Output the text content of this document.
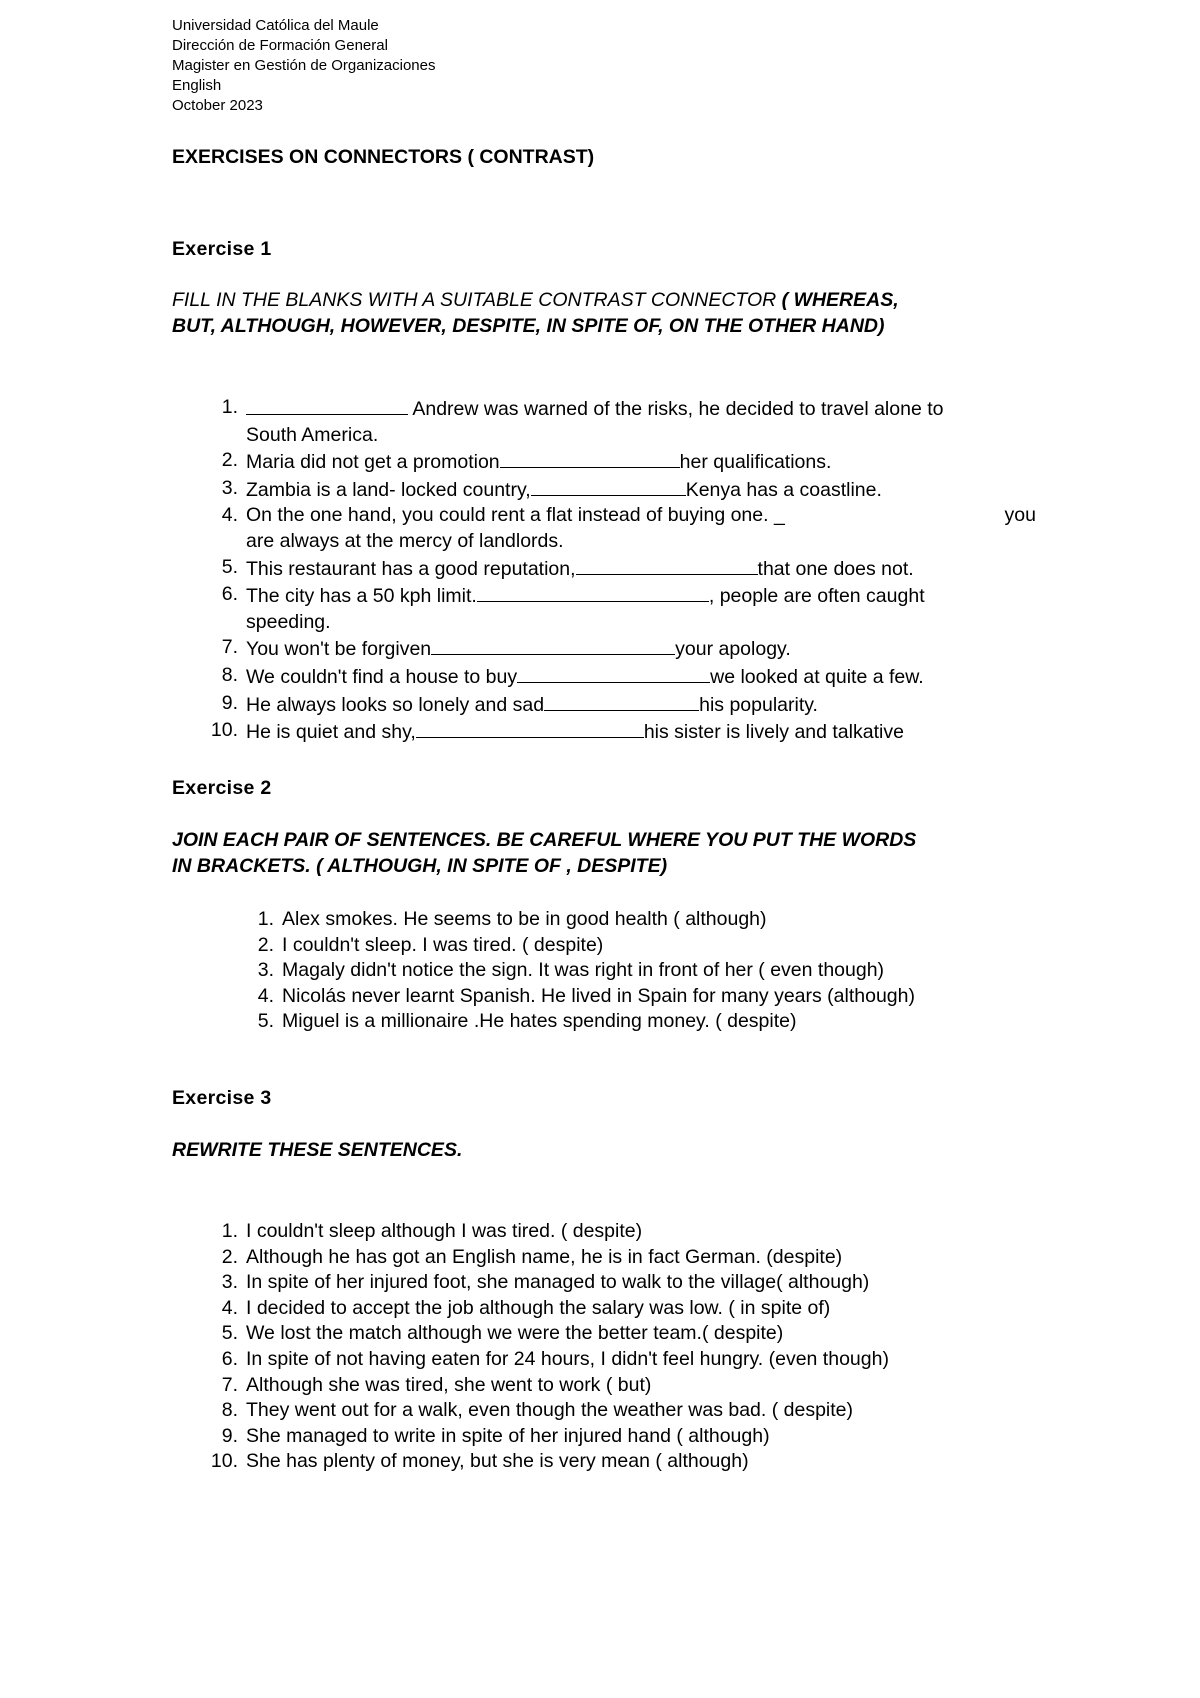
Universidad Católica del Maule
Dirección de Formación General
Magister en Gestión de Organizaciones
English
October 2023
EXERCISES ON CONNECTORS ( CONTRAST)
Exercise 1
FILL IN THE BLANKS WITH A SUITABLE CONTRAST CONNECTOR ( WHEREAS,
BUT, ALTHOUGH, HOWEVER, DESPITE, IN SPITE OF, ON THE OTHER HAND)
1.	Andrew was warned of the risks, he decided to travel alone to
South America.
2. Maria did not get a promotion	her qualifications.
3. Zambia is a land- locked country,	Kenya has a coastline.
4. On the one hand, you could rent a flat instead of buying one. _	you
are always at the mercy of landlords.
5. This restaurant has a good reputation,	that one does not.
6. The city has a 50 kph limit.	, people are often caught
speeding.
7. You won't be forgiven	your apology.
8. We couldn't find a house to buy	we looked at quite a few.
9. He always looks so lonely and sad	his popularity.
10. He is quiet and shy,	his sister is lively and talkative
Exercise 2
JOIN EACH PAIR OF SENTENCES. BE CAREFUL WHERE YOU PUT THE WORDS
IN BRACKETS. ( ALTHOUGH, IN SPITE OF , DESPITE)
1. Alex smokes. He seems to be in good health ( although)
2. I couldn't sleep. I was tired. ( despite)
3. Magaly didn't notice the sign. It was right in front of her ( even though)
4. Nicolás never learnt Spanish. He lived in Spain for many years (although)
5. Miguel is a millionaire .He hates spending money. ( despite)
Exercise 3
REWRITE THESE SENTENCES.
1. I couldn't sleep although I was tired. ( despite)
2. Although he has got an English name, he is in fact German. (despite)
3. In spite of her injured foot, she managed to walk to the village( although)
4. I decided to accept the job although the salary was low. ( in spite of)
5. We lost the match although we were the better team.( despite)
6. In spite of not having eaten for 24 hours, I didn't feel hungry. (even though)
7. Although she was tired, she went to work ( but)
8. They went out for a walk, even though the weather was bad. ( despite)
9. She managed to write in spite of her injured hand ( although)
10. She has plenty of money, but she is very mean ( although)
